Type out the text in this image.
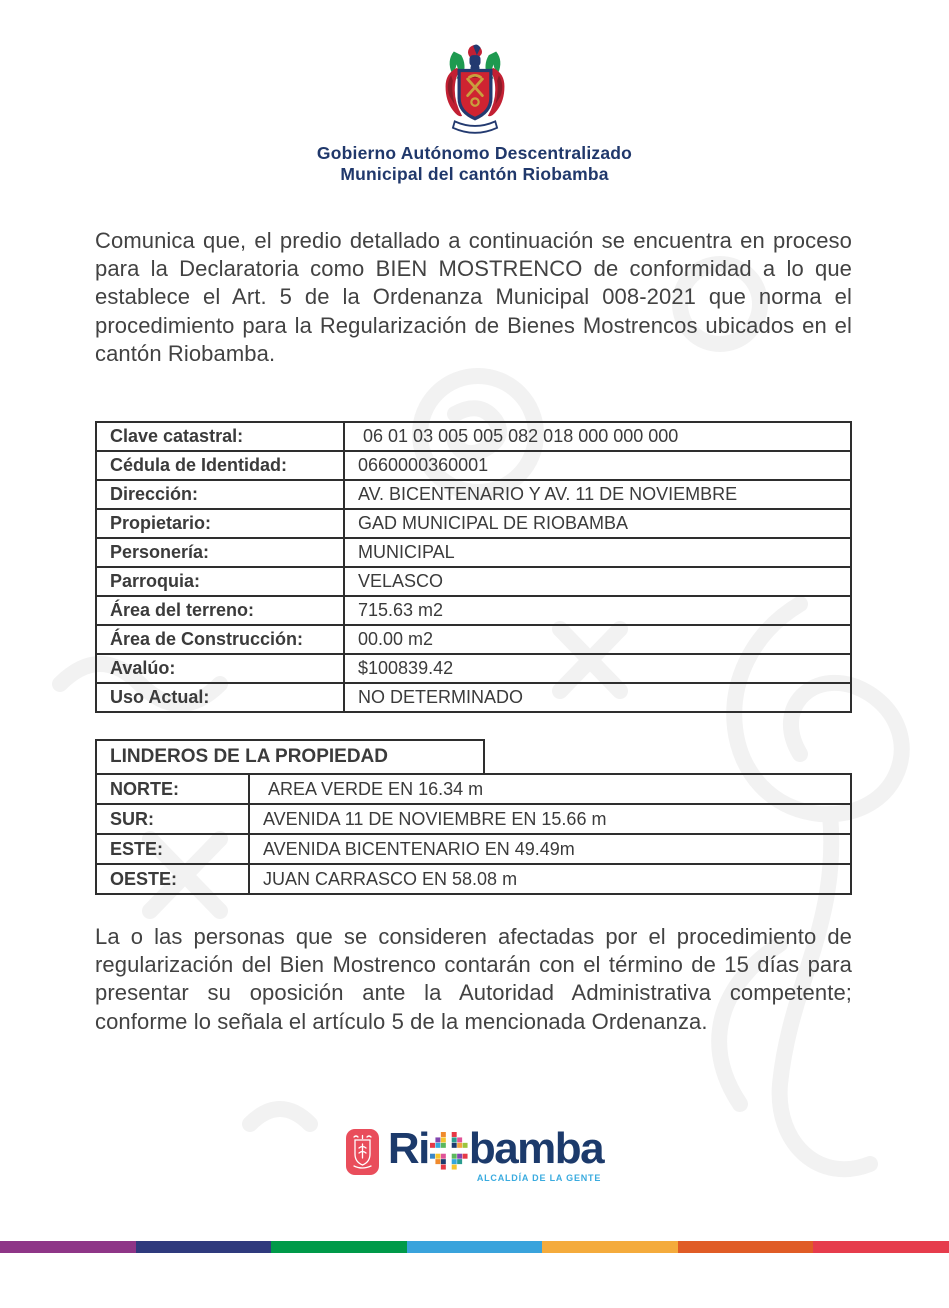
Gobierno Autónomo Descentralizado
Municipal del cantón Riobamba

Comunica que, el predio detallado a continuación se encuentra en proceso para la Declaratoria como BIEN MOSTRENCO de conformidad a lo que establece el Art. 5 de la Ordenanza Municipal 008-2021 que norma el procedimiento para la Regularización de Bienes Mostrencos ubicados en el cantón Riobamba.

Clave catastral:	06 01 03 005 005 082 018 000 000 000
Cédula de Identidad:	0660000360001
Dirección:	AV. BICENTENARIO Y AV. 11 DE NOVIEMBRE
Propietario:	GAD MUNICIPAL DE RIOBAMBA
Personería:	MUNICIPAL
Parroquia:	VELASCO
Área del terreno:	715.63 m2
Área de Construcción:	00.00 m2
Avalúo:	$100839.42
Uso Actual:	NO DETERMINADO
LINDEROS DE LA PROPIEDAD
NORTE:	AREA VERDE EN 16.34 m
SUR:	AVENIDA 11 DE NOVIEMBRE EN 15.66 m
ESTE:	AVENIDA BICENTENARIO EN 49.49m
OESTE:	JUAN CARRASCO EN 58.08 m

La o las personas que se consideren afectadas por el procedimiento de regularización del Bien Mostrenco contarán con el término de 15 días para presentar su oposición ante la Autoridad Administrativa competente; conforme lo señala el artículo 5 de la mencionada Ordenanza.

Ri bamba
ALCALDÍA DE LA GENTE
